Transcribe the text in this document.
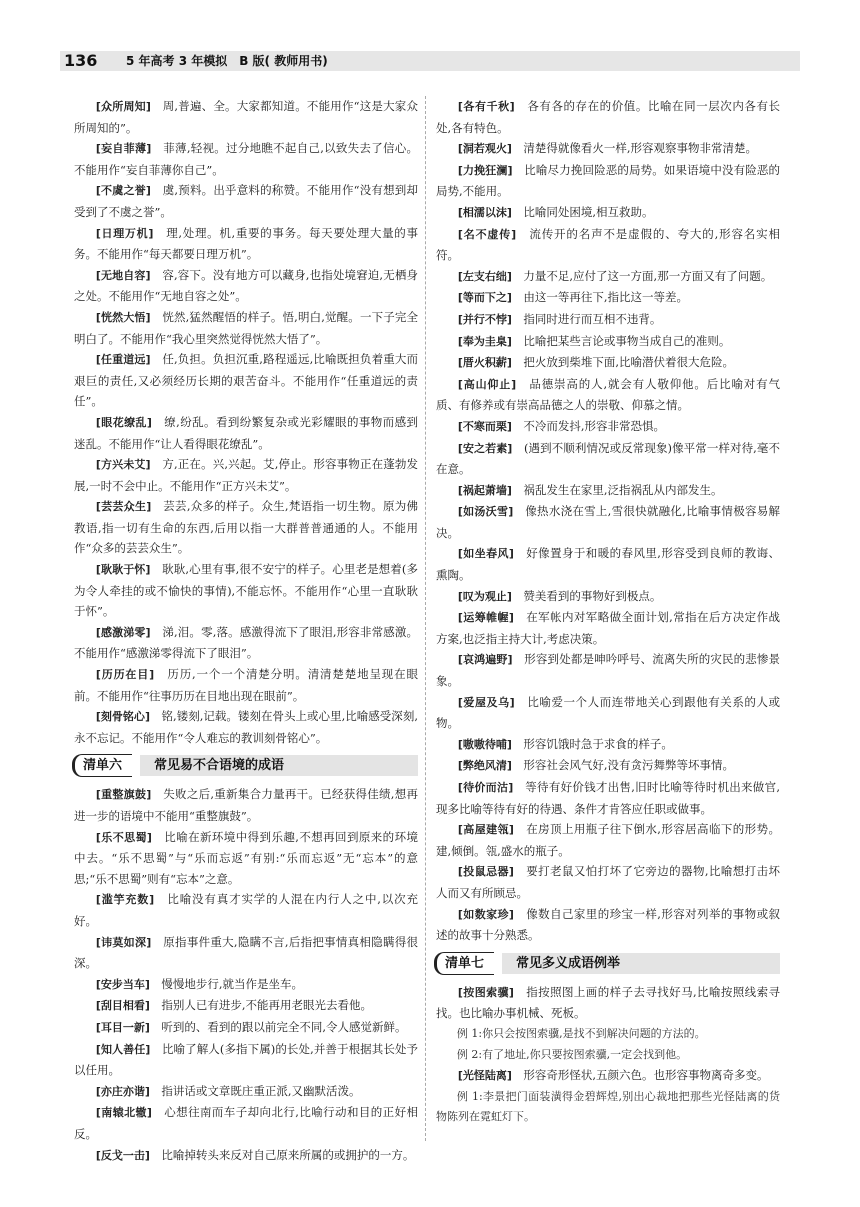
136 5 年高考 3 年模拟　B 版( 教师用书)

[众所周知]　周,普遍、全。大家都知道。不能用作“这是大家众所周知的”。

[妄自菲薄]　菲薄,轻视。过分地瞧不起自己,以致失去了信心。不能用作“妄自菲薄你自己”。

[不虞之誉]　虞,预料。出乎意料的称赞。不能用作“没有想到却受到了不虞之誉”。

[日理万机]　理,处理。机,重要的事务。每天要处理大量的事务。不能用作“每天都要日理万机”。

[无地自容]　容,容下。没有地方可以藏身,也指处境窘迫,无栖身之处。不能用作“无地自容之处”。

[恍然大悟]　恍然,猛然醒悟的样子。悟,明白,觉醒。一下子完全明白了。不能用作“我心里突然觉得恍然大悟了”。

[任重道远]　任,负担。负担沉重,路程遥远,比喻既担负着重大而艰巨的责任,又必须经历长期的艰苦奋斗。不能用作“任重道远的责任”。

[眼花缭乱]　缭,纷乱。看到纷繁复杂或光彩耀眼的事物而感到迷乱。不能用作“让人看得眼花缭乱”。

[方兴未艾]　方,正在。兴,兴起。艾,停止。形容事物正在蓬勃发展,一时不会中止。不能用作“正方兴未艾”。

[芸芸众生]　芸芸,众多的样子。众生,梵语指一切生物。原为佛教语,指一切有生命的东西,后用以指一大群普普通通的人。不能用作“众多的芸芸众生”。

[耿耿于怀]　耿耿,心里有事,很不安宁的样子。心里老是想着(多为令人牵挂的或不愉快的事情),不能忘怀。不能用作“心里一直耿耿于怀”。

[感激涕零]　涕,泪。零,落。感激得流下了眼泪,形容非常感激。不能用作“感激涕零得流下了眼泪”。

[历历在目]　历历,一个一个清楚分明。清清楚楚地呈现在眼前。不能用作“往事历历在目地出现在眼前”。

[刻骨铭心]　铭,镂刻,记载。镂刻在骨头上或心里,比喻感受深刻,永不忘记。不能用作“令人难忘的教训刻骨铭心”。

清单六	常见易不合语境的成语

[重整旗鼓]　失败之后,重新集合力量再干。已经获得佳绩,想再进一步的语境中不能用“重整旗鼓”。

[乐不思蜀]　比喻在新环境中得到乐趣,不想再回到原来的环境中去。“乐不思蜀”与“乐而忘返”有别:“乐而忘返”无“忘本”的意思;“乐不思蜀”则有“忘本”之意。

[滥竽充数]　比喻没有真才实学的人混在内行人之中,以次充好。

[讳莫如深]　原指事件重大,隐瞒不言,后指把事情真相隐瞒得很深。

[安步当车]　慢慢地步行,就当作是坐车。

[刮目相看]　指别人已有进步,不能再用老眼光去看他。

[耳目一新]　听到的、看到的跟以前完全不同,令人感觉新鲜。

[知人善任]　比喻了解人(多指下属)的长处,并善于根据其长处予以任用。

[亦庄亦谐]　指讲话或文章既庄重正派,又幽默活泼。

[南辕北辙]　心想往南而车子却向北行,比喻行动和目的正好相反。

[反戈一击]　比喻掉转头来反对自己原来所属的或拥护的一方。

[各有千秋]　各有各的存在的价值。比喻在同一层次内各有长处,各有特色。

[洞若观火]　清楚得就像看火一样,形容观察事物非常清楚。

[力挽狂澜]　比喻尽力挽回险恶的局势。如果语境中没有险恶的局势,不能用。

[相濡以沫]　比喻同处困境,相互救助。

[名不虚传]　流传开的名声不是虚假的、夸大的,形容名实相符。

[左支右绌]　力量不足,应付了这一方面,那一方面又有了问题。

[等而下之]　由这一等再往下,指比这一等差。

[并行不悖]　指同时进行而互相不违背。

[奉为圭臬]　比喻把某些言论或事物当成自己的准则。

[厝火积薪]　把火放到柴堆下面,比喻潜伏着很大危险。

[高山仰止]　品德崇高的人,就会有人敬仰他。后比喻对有气质、有修养或有崇高品德之人的崇敬、仰慕之情。

[不寒而栗]　不冷而发抖,形容非常恐惧。

[安之若素]　(遇到不顺利情况或反常现象)像平常一样对待,毫不在意。

[祸起萧墙]　祸乱发生在家里,泛指祸乱从内部发生。

[如汤沃雪]　像热水浇在雪上,雪很快就融化,比喻事情极容易解决。

[如坐春风]　好像置身于和暖的春风里,形容受到良师的教诲、熏陶。

[叹为观止]　赞美看到的事物好到极点。

[运筹帷幄]　在军帐内对军略做全面计划,常指在后方决定作战方案,也泛指主持大计,考虑决策。

[哀鸿遍野]　形容到处都是呻吟呼号、流离失所的灾民的悲惨景象。

[爱屋及乌]　比喻爱一个人而连带地关心到跟他有关系的人或物。

[嗷嗷待哺]　形容饥饿时急于求食的样子。

[弊绝风清]　形容社会风气好,没有贪污舞弊等坏事情。

[待价而沽]　等待有好价钱才出售,旧时比喻等待时机出来做官,现多比喻等待有好的待遇、条件才肯答应任职或做事。

[高屋建瓴]　在房顶上用瓶子往下倒水,形容居高临下的形势。建,倾倒。瓴,盛水的瓶子。

[投鼠忌器]　要打老鼠又怕打坏了它旁边的器物,比喻想打击坏人而又有所顾忌。

[如数家珍]　像数自己家里的珍宝一样,形容对列举的事物或叙述的故事十分熟悉。

清单七	常见多义成语例举

[按图索骥]　指按照图上画的样子去寻找好马,比喻按照线索寻找。也比喻办事机械、死板。

例 1:你只会按图索骥,是找不到解决问题的方法的。

例 2:有了地址,你只要按图索骥,一定会找到他。

[光怪陆离]　形容奇形怪状,五颜六色。也形容事物离奇多变。

例 1:李景把门面装潢得金碧辉煌,别出心裁地把那些光怪陆离的货物陈列在霓虹灯下。
